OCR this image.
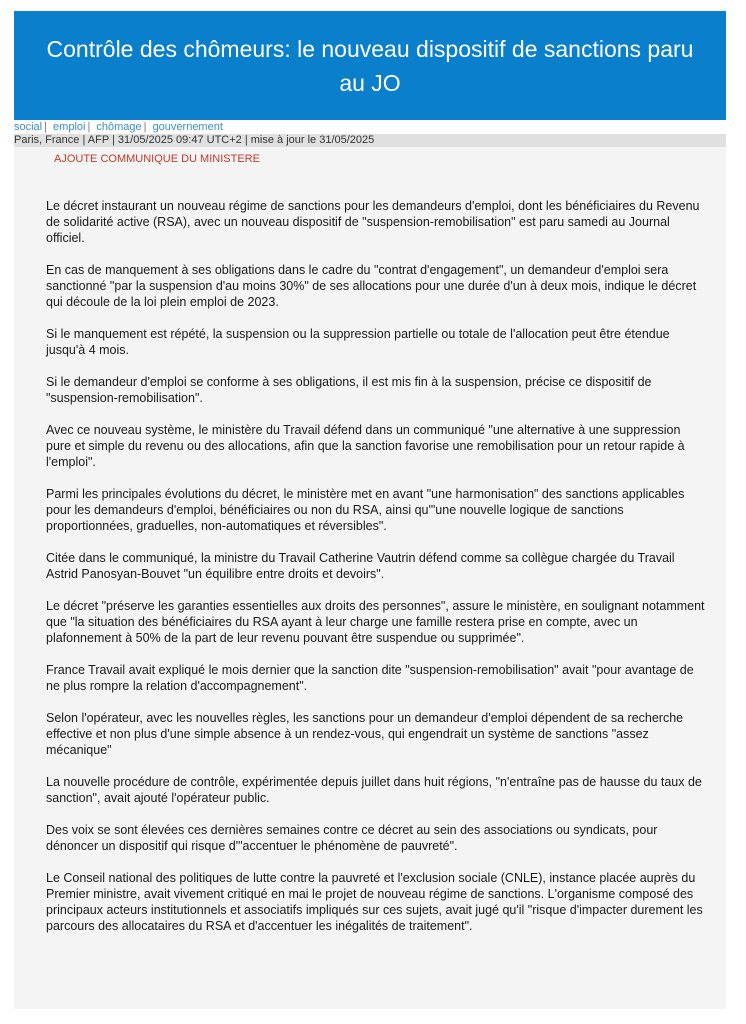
Contrôle des chômeurs: le nouveau dispositif de sanctions paru au JO
social | emploi | chômage | gouvernement
Paris, France | AFP | 31/05/2025 09:47 UTC+2 | mise à jour le 31/05/2025
AJOUTE COMMUNIQUE DU MINISTERE

Le décret instaurant un nouveau régime de sanctions pour les demandeurs d'emploi, dont les bénéficiaires du Revenu de solidarité active (RSA), avec un nouveau dispositif de "suspension-remobilisation" est paru samedi au Journal officiel.

En cas de manquement à ses obligations dans le cadre du "contrat d'engagement", un demandeur d'emploi sera sanctionné "par la suspension d'au moins 30%" de ses allocations pour une durée d'un à deux mois, indique le décret qui découle de la loi plein emploi de 2023.

Si le manquement est répété, la suspension ou la suppression partielle ou totale de l'allocation peut être étendue jusqu'à 4 mois.

Si le demandeur d'emploi se conforme à ses obligations, il est mis fin à la suspension, précise ce dispositif de "suspension-remobilisation".

Avec ce nouveau système, le ministère du Travail défend dans un communiqué "une alternative à une suppression pure et simple du revenu ou des allocations, afin que la sanction favorise une remobilisation pour un retour rapide à l'emploi".

Parmi les principales évolutions du décret, le ministère met en avant "une harmonisation" des sanctions applicables pour les demandeurs d'emploi, bénéficiaires ou non du RSA, ainsi qu'"une nouvelle logique de sanctions proportionnées, graduelles, non-automatiques et réversibles".

Citée dans le communiqué, la ministre du Travail Catherine Vautrin défend comme sa collègue chargée du Travail Astrid Panosyan-Bouvet "un équilibre entre droits et devoirs".

Le décret "préserve les garanties essentielles aux droits des personnes", assure le ministère, en soulignant notamment que "la situation des bénéficiaires du RSA ayant à leur charge une famille restera prise en compte, avec un plafonnement à 50% de la part de leur revenu pouvant être suspendue ou supprimée".

France Travail avait expliqué le mois dernier que la sanction dite "suspension-remobilisation" avait "pour avantage de ne plus rompre la relation d'accompagnement".

Selon l'opérateur, avec les nouvelles règles, les sanctions pour un demandeur d'emploi dépendent de sa recherche effective et non plus d'une simple absence à un rendez-vous, qui engendrait un système de sanctions "assez mécanique"

La nouvelle procédure de contrôle, expérimentée depuis juillet dans huit régions, "n'entraîne pas de hausse du taux de sanction", avait ajouté l'opérateur public.

Des voix se sont élevées ces dernières semaines contre ce décret au sein des associations ou syndicats, pour dénoncer un dispositif qui risque d'"accentuer le phénomène de pauvreté".

Le Conseil national des politiques de lutte contre la pauvreté et l'exclusion sociale (CNLE), instance placée auprès du Premier ministre, avait vivement critiqué en mai le projet de nouveau régime de sanctions. L'organisme composé des principaux acteurs institutionnels et associatifs impliqués sur ces sujets, avait jugé qu'il "risque d'impacter durement les parcours des allocataires du RSA et d'accentuer les inégalités de traitement".
